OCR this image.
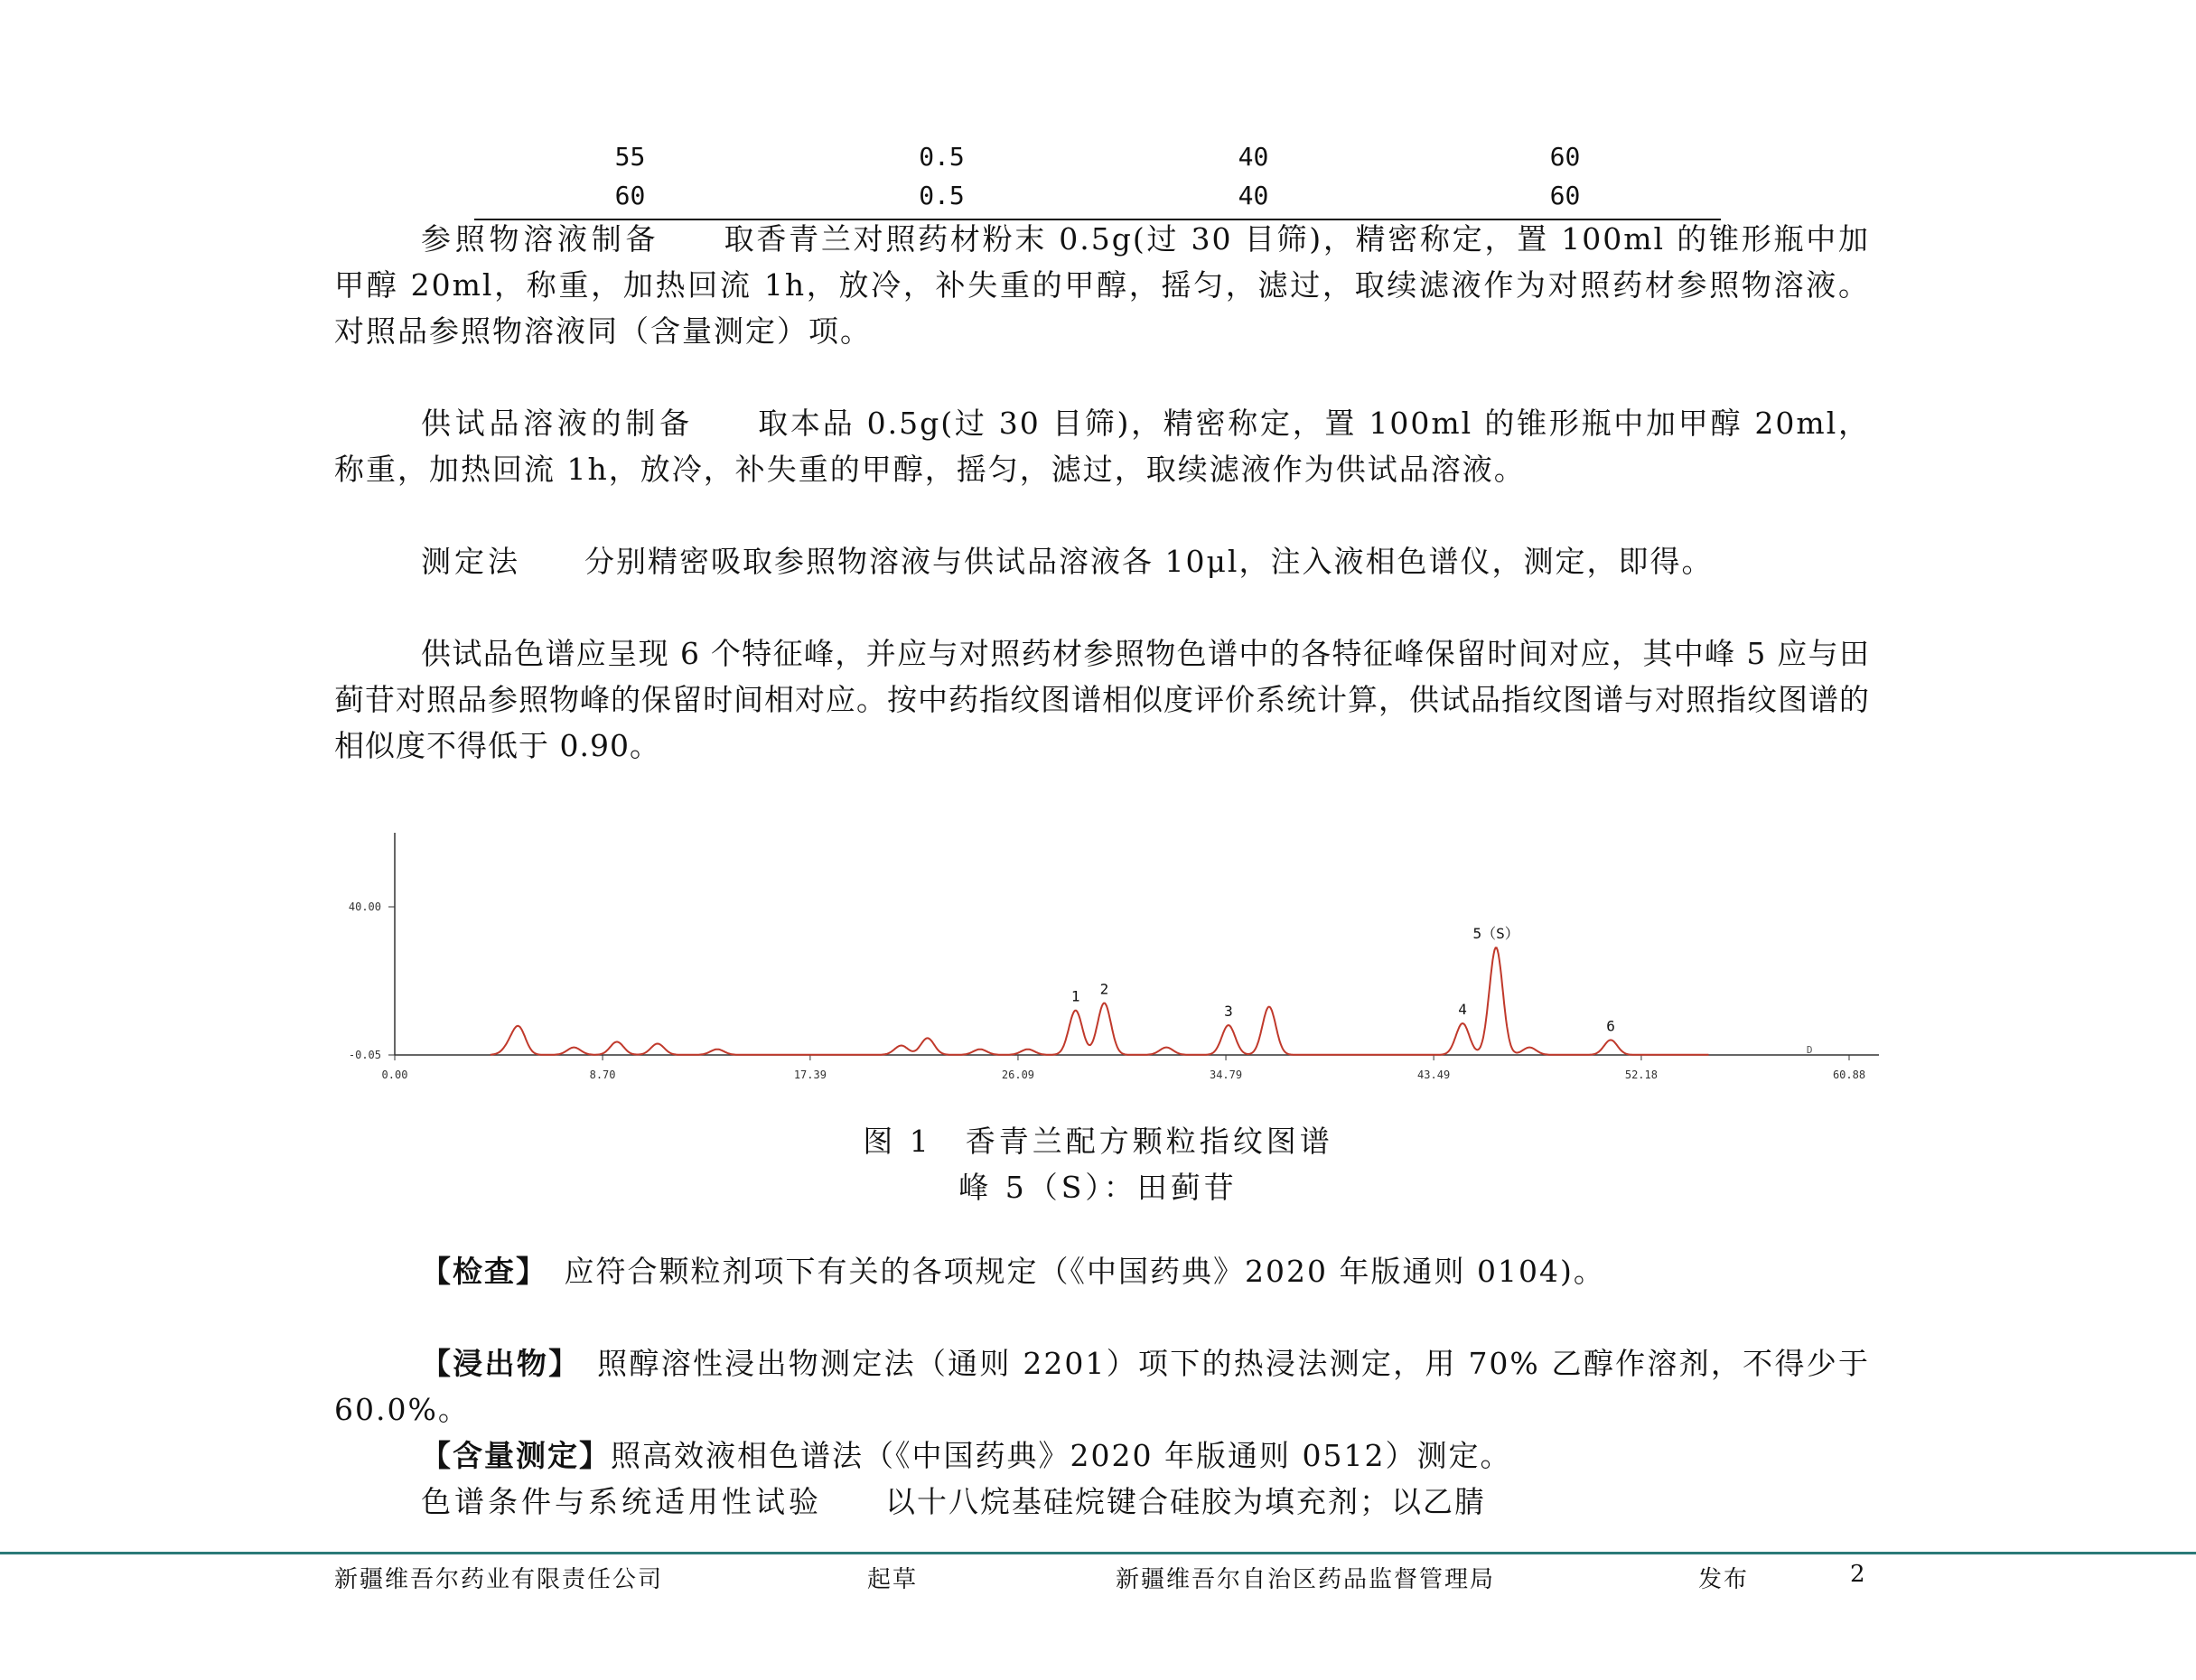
55	0.5	40	60
60	0.5	40	60

参照物溶液制备　　 取香青兰对照药材粉末 0.5g(过 30 目筛)，精密称定，置 100ml 的锥形瓶中加甲醇 20ml，称重，加热回流 1h，放冷，补失重的甲醇，摇匀，滤过，取续滤液作为对照药材参照物溶液。对照品参照物溶液同（含量测定）项。

供试品溶液的制备　　 取本品 0.5g(过 30 目筛)，精密称定，置 100ml 的锥形瓶中加甲醇 20ml，称重，加热回流 1h，放冷，补失重的甲醇，摇匀，滤过，取续滤液作为供试品溶液。

测定法　　 分别精密吸取参照物溶液与供试品溶液各 10μl，注入液相色谱仪，测定，即得。

供试品色谱应呈现 6 个特征峰，并应与对照药材参照物色谱中的各特征峰保留时间对应，其中峰 5 应与田蓟苷对照品参照物峰的保留时间相对应。按中药指纹图谱相似度评价系统计算，供试品指纹图谱与对照指纹图谱的相似度不得低于 0.90。

40.00
-0.05
0.00	8.70	17.39	26.09	34.79	43.49	52.18	60.88
1 2
3	4
5（S）
6
D
图 1　香青兰配方颗粒指纹图谱
峰 5（S）：田蓟苷

【检查】　 应符合颗粒剂项下有关的各项规定（《中国药典》2020 年版通则 0104)。

【浸出物】　 照醇溶性浸出物测定法（通则 2201）项下的热浸法测定，用 70% 乙醇作溶剂，不得少于 60.0%。

【含量测定】照高效液相色谱法（《中国药典》2020 年版通则 0512）测定。

色谱条件与系统适用性试验　　 以十八烷基硅烷键合硅胶为填充剂；以乙腈

新疆维吾尔药业有限责任公司	起草	新疆维吾尔自治区药品监督管理局	发布	2
